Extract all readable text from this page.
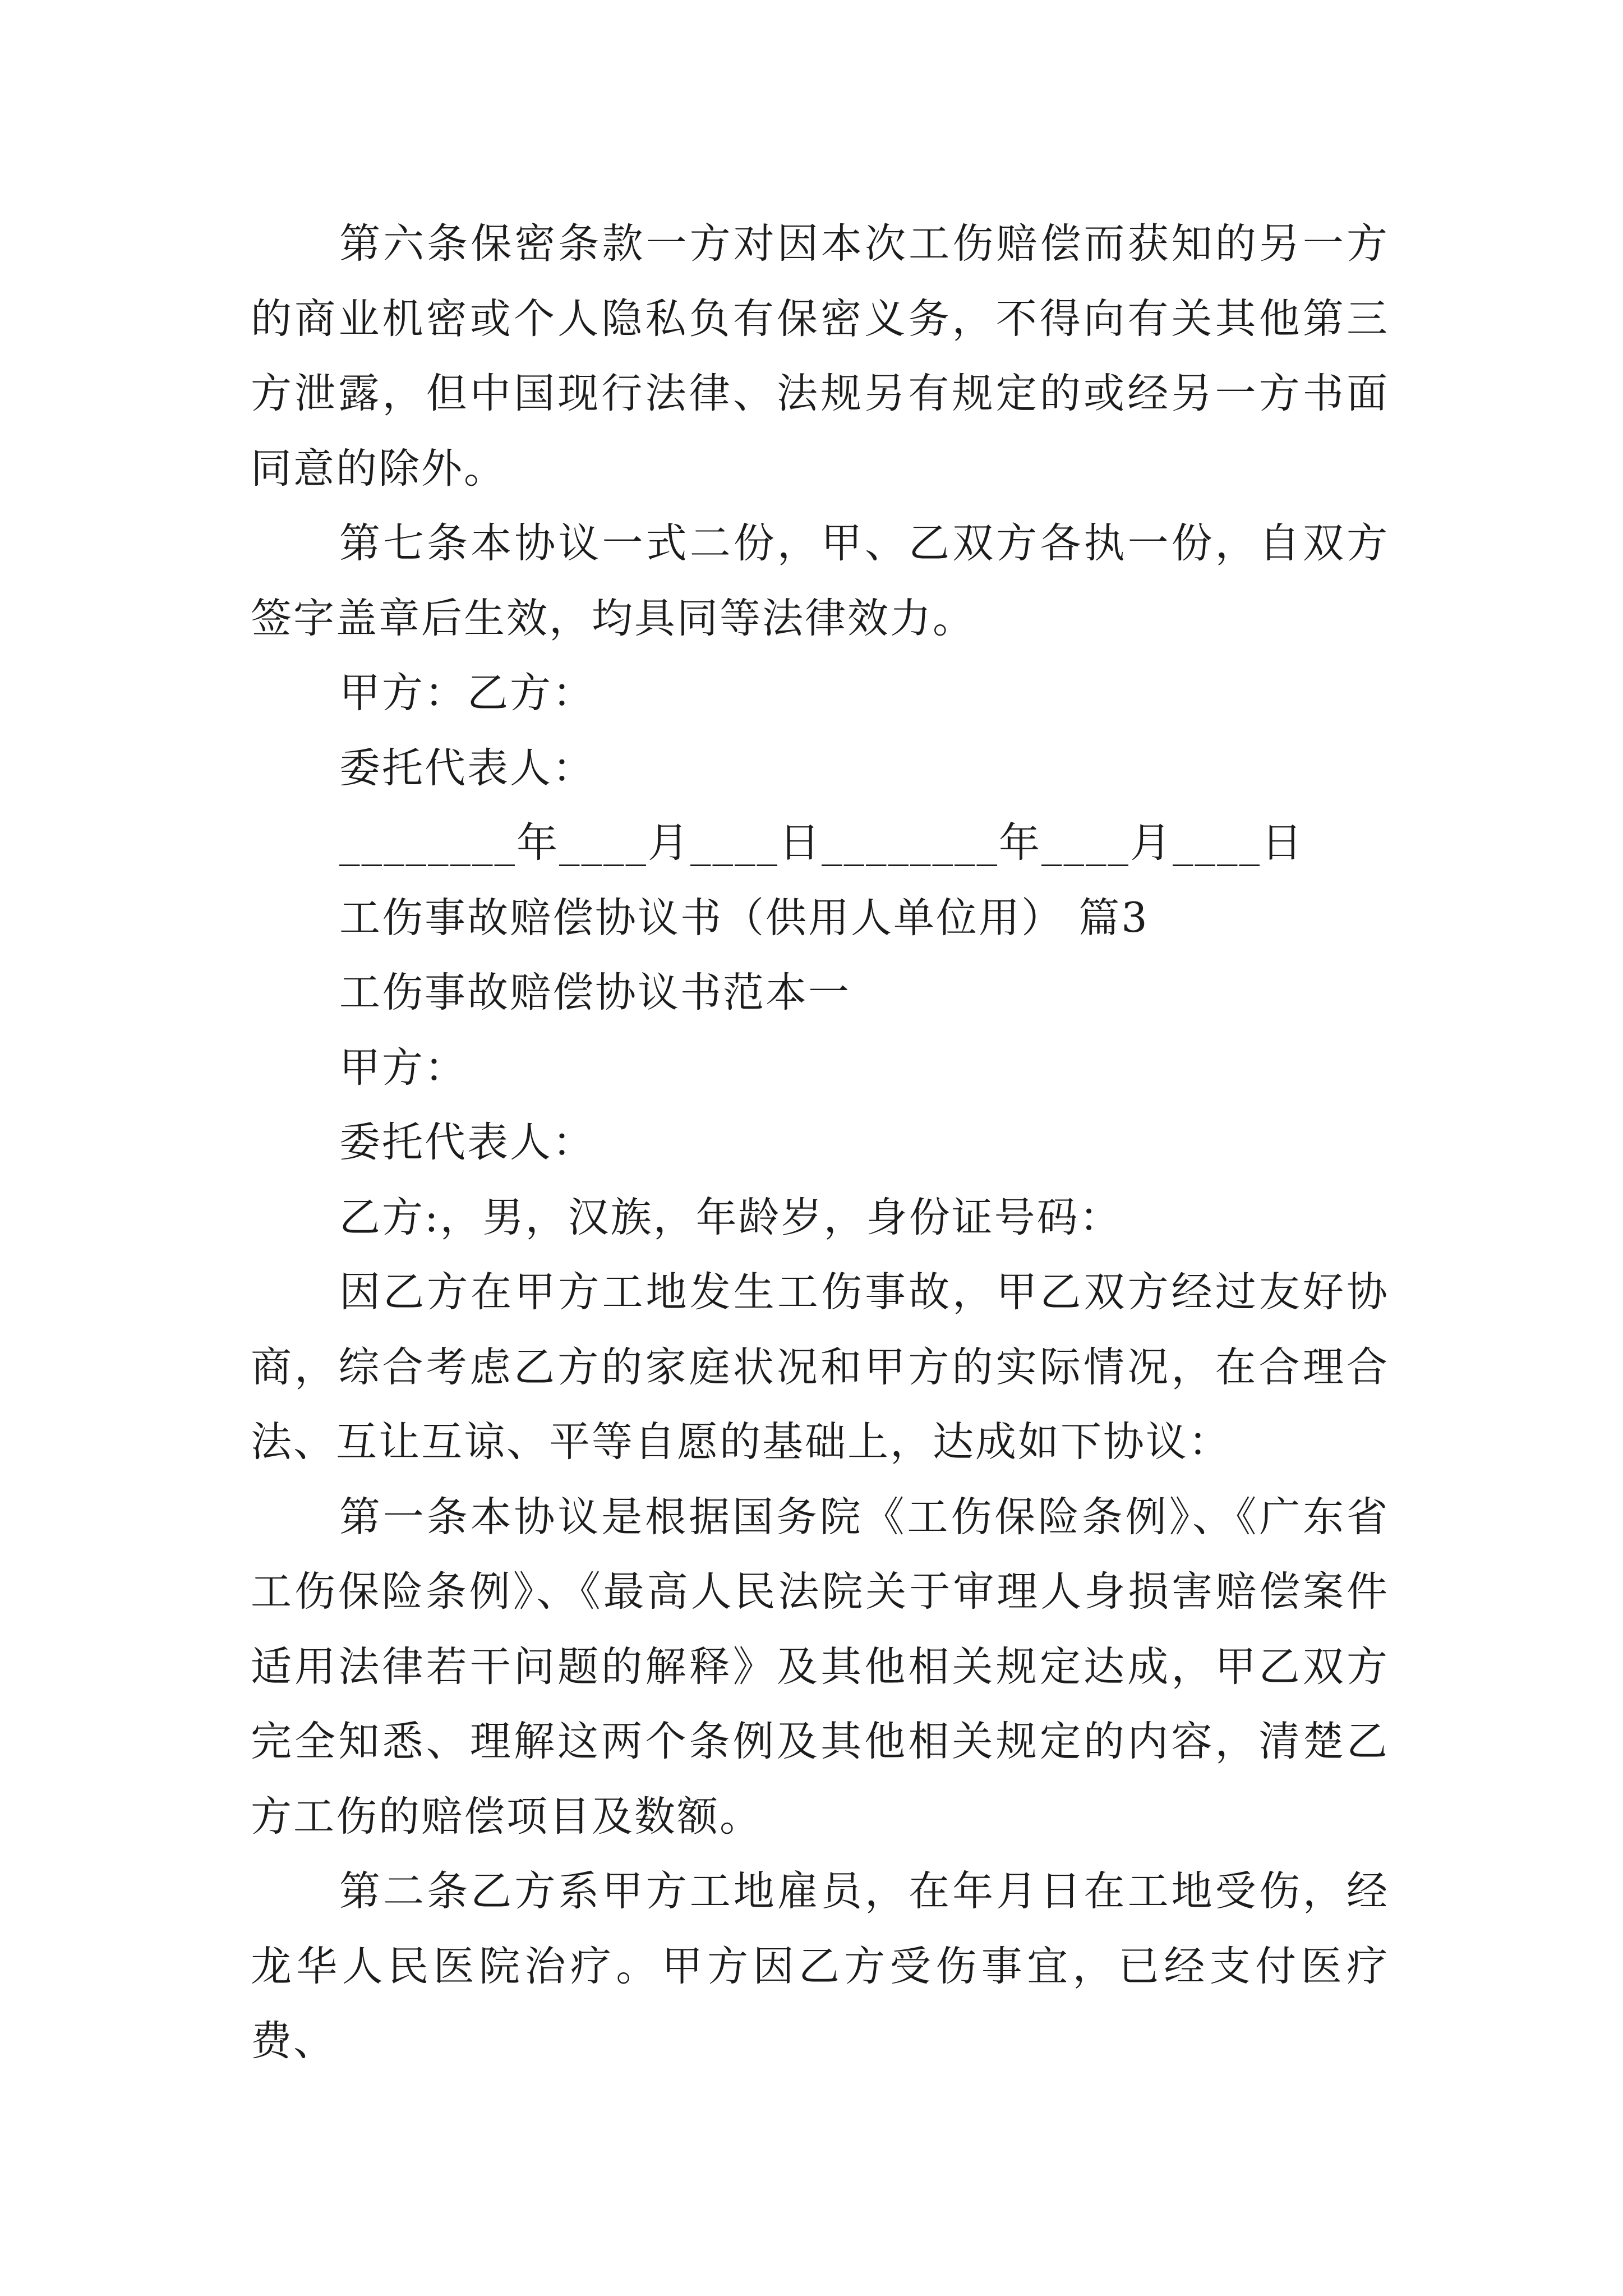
第六条保密条款一方对因本次工伤赔偿而获知的另一方的商业机密或个人隐私负有保密义务，不得向有关其他第三方泄露，但中国现行法律、法规另有规定的或经另一方书面同意的除外。

第七条本协议一式二份，甲、乙双方各执一份，自双方签字盖章后生效，均具同等法律效力。

甲方：乙方：

委托代表人：

________年____月____日________年____月____日

工伤事故赔偿协议书（供用人单位用） 篇3

工伤事故赔偿协议书范本一

甲方：

委托代表人：

乙方:，男，汉族，年龄岁，身份证号码：

因乙方在甲方工地发生工伤事故，甲乙双方经过友好协商，综合考虑乙方的家庭状况和甲方的实际情况，在合理合法、互让互谅、平等自愿的基础上，达成如下协议：

第一条本协议是根据国务院《工伤保险条例》、《广东省工伤保险条例》、《最高人民法院关于审理人身损害赔偿案件适用法律若干问题的解释》及其他相关规定达成，甲乙双方完全知悉、理解这两个条例及其他相关规定的内容，清楚乙方工伤的赔偿项目及数额。

第二条乙方系甲方工地雇员，在年月日在工地受伤，经龙华人民医院治疗。甲方因乙方受伤事宜，已经支付医疗费、
